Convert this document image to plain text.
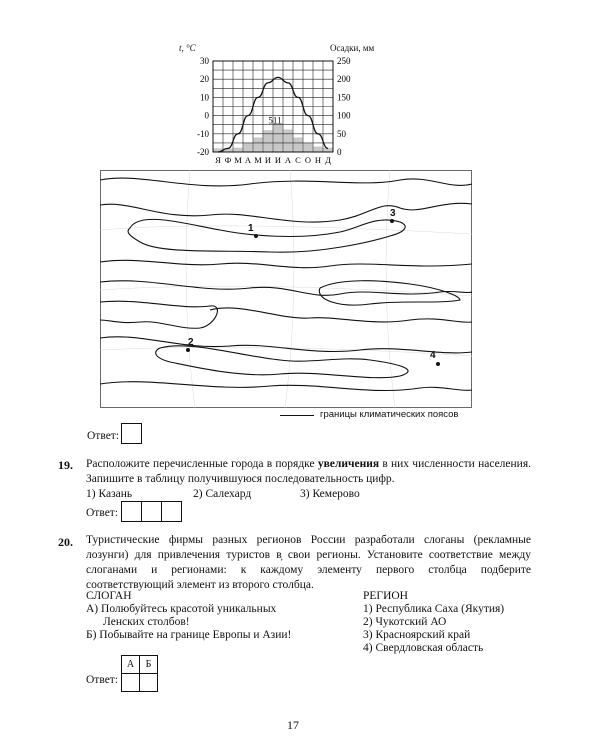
t, °C	Осадки, мм
30
20
10
0
-10
-20
250
200
150
100
50
0
Я Ф М А М И И А С О Н Д
511
1
2
3
4
границы климатических поясов
Ответ:
19. Расположите перечисленные города в порядке увеличения в них численности населения. Запишите в таблицу получившуюся последовательность цифр.
1) Казань	2) Салехард	3) Кемерово
Ответ:
20. Туристические фирмы разных регионов России разработали слоганы (рекламные лозунги) для привлечения туристов в̦ свои регионы. Установите соответствие между слоганами и регионами: к каждому элементу первого столбца подберите соответствующий элемент из второго столбца.
СЛОГАН
А) Полюбуйтесь красотой уникальных
Ленских столбов!
Б) Побывайте на границе Европы и Азии!
РЕГИОН
1) Республика Саха (Якутия)
2) Чукотский АО
3) Красноярский край
4) Свердловская область
Ответ:
А	Б

17
